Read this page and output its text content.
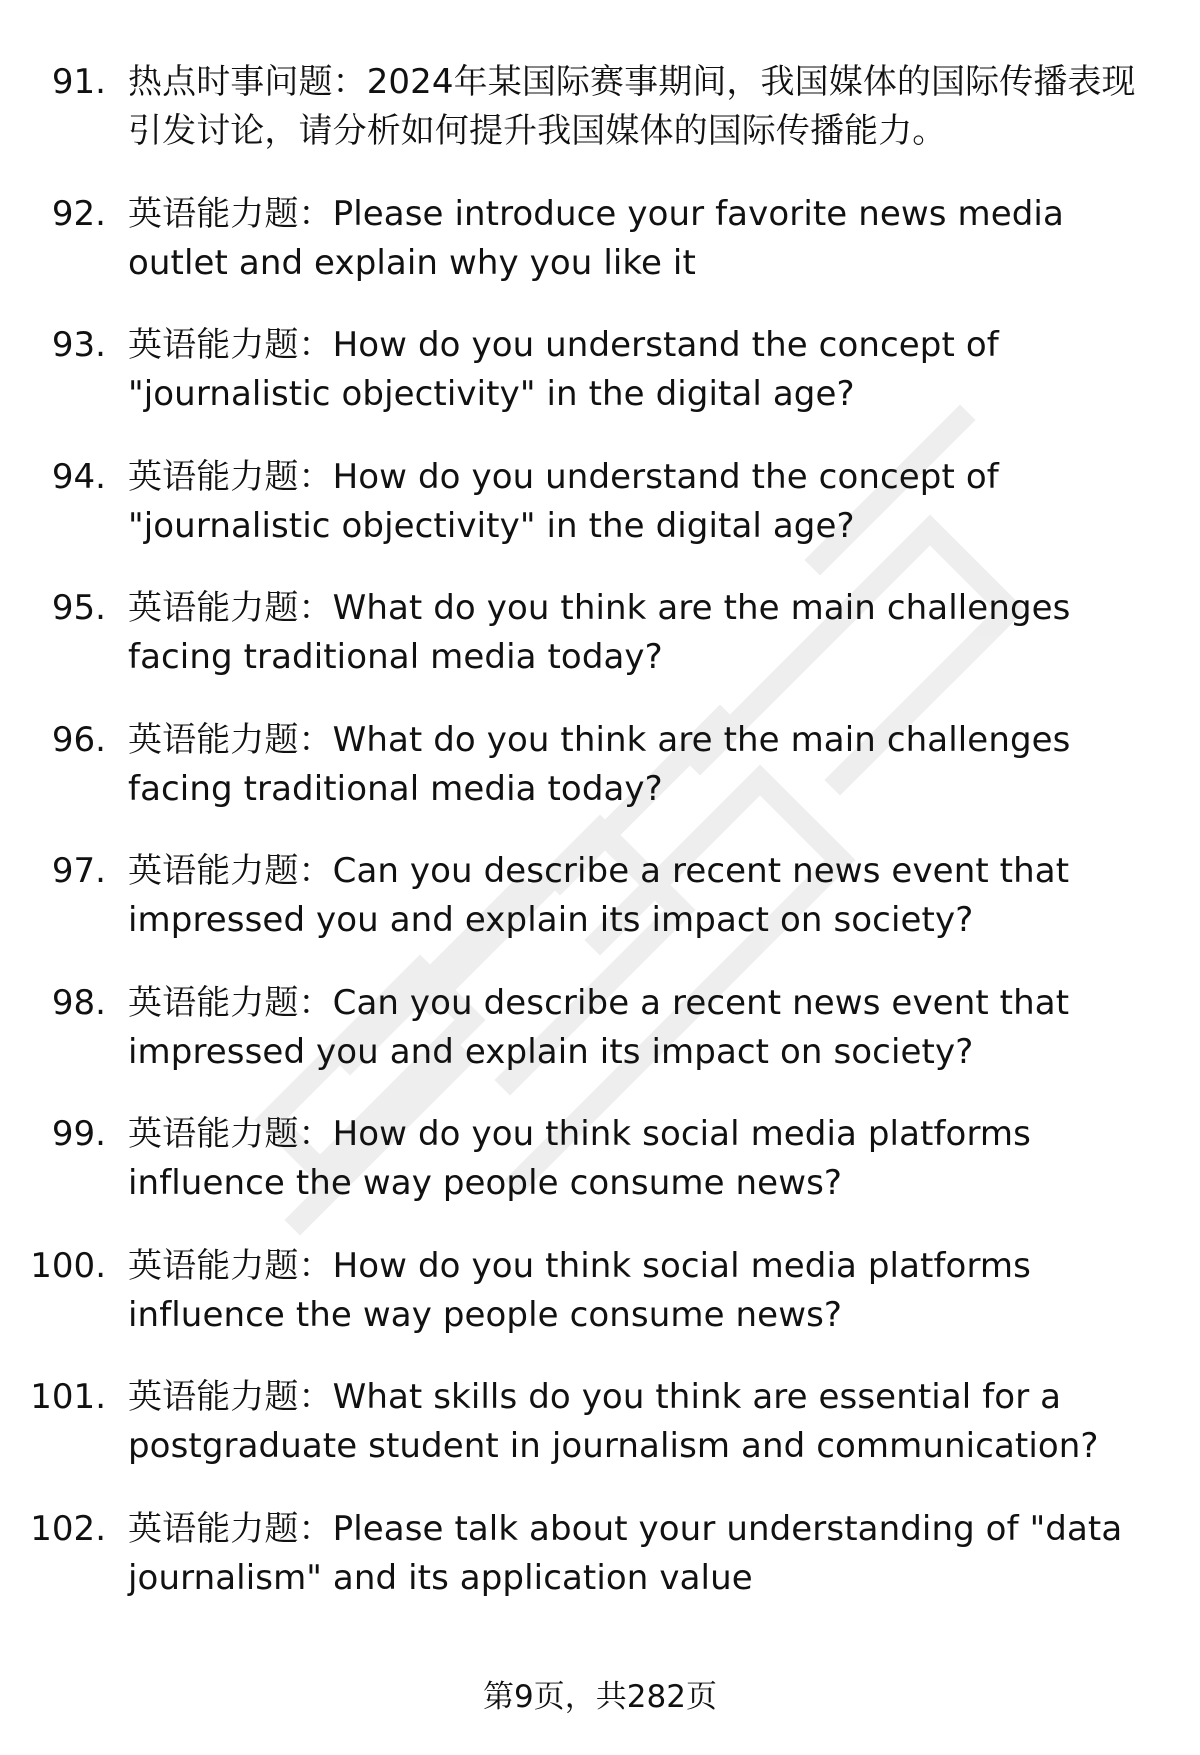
91. 热点时事问题：2024年某国际赛事期间，我国媒体的国际传播表现引发讨论，请分析如何提升我国媒体的国际传播能力。
92. 英语能力题：Please introduce your favorite news media outlet and explain why you like it
93. 英语能力题：How do you understand the concept of "journalistic objectivity" in the digital age?
94. 英语能力题：How do you understand the concept of "journalistic objectivity" in the digital age?
95. 英语能力题：What do you think are the main challenges facing traditional media today?
96. 英语能力题：What do you think are the main challenges facing traditional media today?
97. 英语能力题：Can you describe a recent news event that impressed you and explain its impact on society?
98. 英语能力题：Can you describe a recent news event that impressed you and explain its impact on society?
99. 英语能力题：How do you think social media platforms influence the way people consume news?
100. 英语能力题：How do you think social media platforms influence the way people consume news?
101. 英语能力题：What skills do you think are essential for a postgraduate student in journalism and communication?
102. 英语能力题：Please talk about your understanding of "data journalism" and its application value
第9页，共282页
